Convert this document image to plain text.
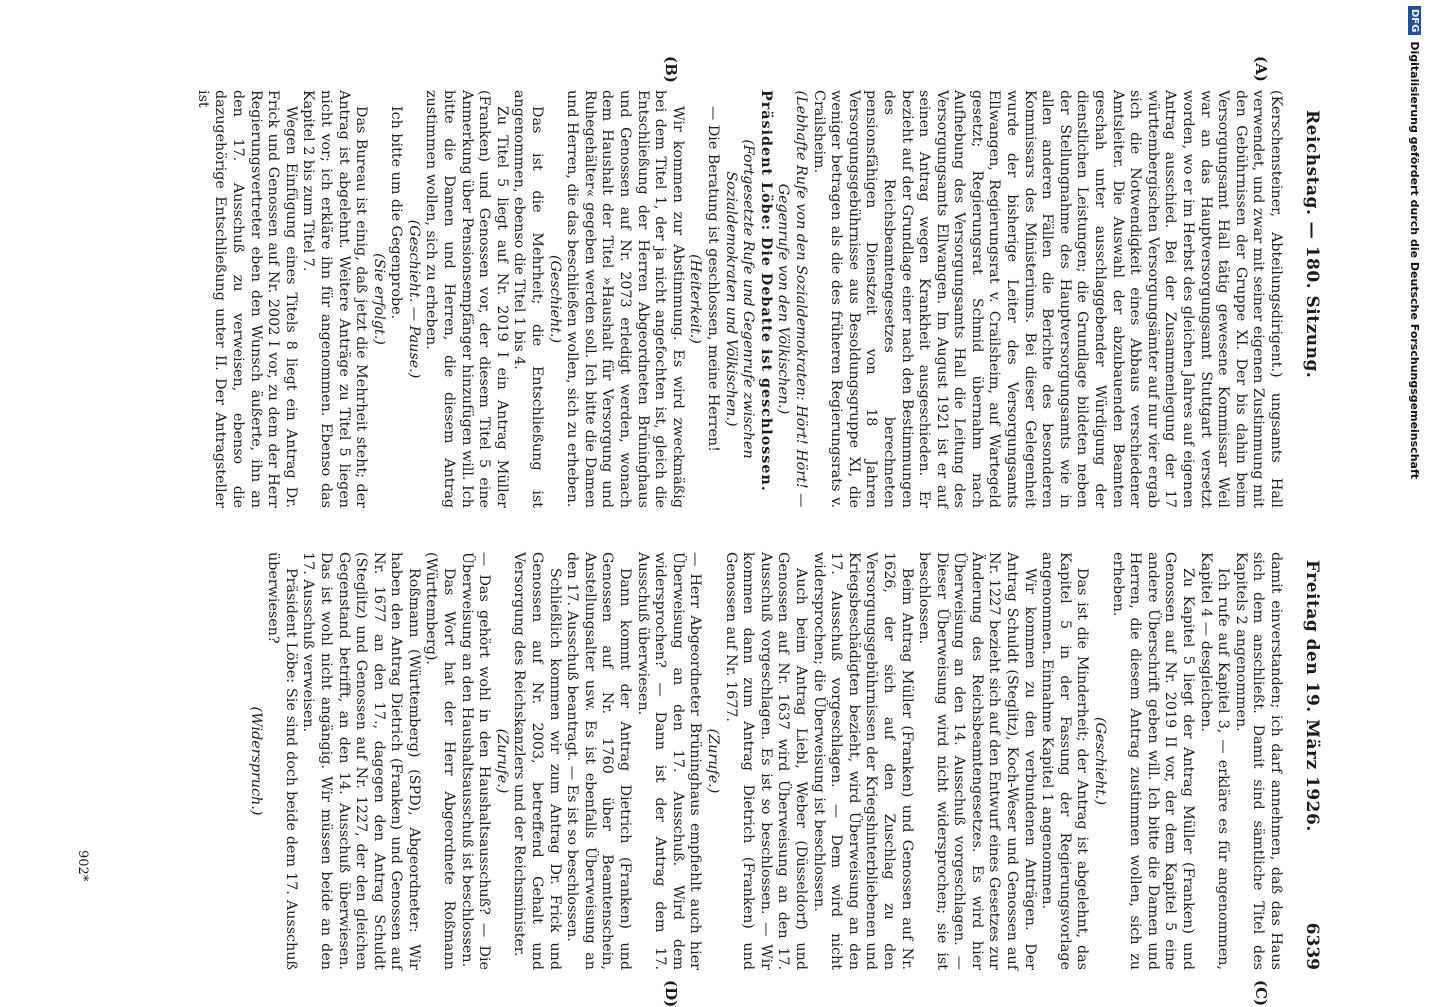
Reichstag. — 180. Sitzung.
Freitag den 19. März 1926.
6339
(A)
(B)
(C)
(D)

(Kerschensteiner, Abteilungsdirigent.) ungsamts Hall verwendet, und zwar mit seiner eigenen Zustimmung mit den Gebührnissen der Gruppe XI. Der bis dahin beim Versorgungsamt Hall tätig gewesene Kommissar Weil war an das Hauptversorgungsamt Stuttgart versetzt worden, wo er im Herbst des gleichen Jahres auf eigenen Antrag ausschied. Bei der Zusammenlegung der 17 württembergischen Versorgungsämter auf nur vier ergab sich die Notwendigkeit eines Abbaus verschiedener Amtsleiter. Die Auswahl der abzubauenden Beamten geschah unter ausschlaggebender Würdigung der dienstlichen Leistungen; die Grundlage bildeten neben der Stellungnahme des Hauptversorgungsamts wie in allen anderen Fällen die Berichte des besonderen Kommissars des Ministeriums. Bei dieser Gelegenheit wurde der bisherige Leiter des Versorgungsamts Ellwangen, Regierungsrat v. Crailsheim, auf Wartegeld gesetzt; Regierungsrat Schmid übernahm nach Aufhebung des Versorgungsamts Hall die Leitung des Versorgungsamts Ellwangen. Im August 1921 ist er auf seinen Antrag wegen Krankheit ausgeschieden. Er bezieht auf der Grundlage einer nach den Bestimmungen des Reichsbeamtengesetzes berechneten pensionsfähigen Dienstzeit von 18 Jahren Versorgungsgebührnisse aus Besoldungsgruppe XI, die weniger betragen als die des früheren Regierungsrats v. Crailsheim.

(Lebhafte Rufe von den Sozialdemokraten: Hört! Hört! — Gegenrufe von den Völkischen.)

Präsident Löbe: Die Debatte ist geschlossen.

(Fortgesetzte Rufe und Gegenrufe zwischen Sozialdemokraten und Völkischen.)

— Die Beratung ist geschlossen, meine Herren!

(Heiterkeit.)

Wir kommen zur Abstimmung. Es wird zweckmäßig bei dem Titel 1, der ja nicht angefochten ist, gleich die Entschließung der Herren Abgeordneten Brüninghaus und Genossen auf Nr. 2073 erledigt werden, wonach dem Haushalt der Titel »Haushalt für Versorgung und Ruhegehälter« gegeben werden soll. Ich bitte die Damen und Herren, die das beschließen wollen, sich zu erheben.

(Geschieht.)

Das ist die Mehrheit; die Entschließung ist angenommen, ebenso die Titel 1 bis 4.

Zu Titel 5 liegt auf Nr. 2019 I ein Antrag Müller (Franken) und Genossen vor, der diesem Titel 5 eine Anmerkung über Pensionsempfänger hinzufügen will. Ich bitte die Damen und Herren, die diesem Antrag zustimmen wollen, sich zu erheben.

(Geschieht. — Pause.)

Ich bitte um die Gegenprobe.

(Sie erfolgt.)

Das Bureau ist einig, daß jetzt die Mehrheit steht; der Antrag ist abgelehnt. Weitere Anträge zu Titel 5 liegen nicht vor; ich erkläre ihn für angenommen. Ebenso das Kapitel 2 bis zum Titel 7.

Wegen Einfügung eines Titels 8 liegt ein Antrag Dr. Frick und Genossen auf Nr. 2002 I vor, zu dem der Herr Regierungsvertreter eben den Wunsch äußerte, ihn an den 17. Ausschuß zu verweisen, ebenso die dazugehörige Entschließung unter II. Der Antragsteller ist

damit einverstanden; ich darf annehmen, daß das Haus sich dem anschließt. Damit sind sämtliche Titel des Kapitels 2 angenommen.

Ich rufe auf Kapitel 3, — erkläre es für angenommen, Kapitel 4 — desgleichen.

Zu Kapitel 5 liegt der Antrag Müller (Franken) und Genossen auf Nr. 2019 II vor, der dem Kapitel 5 eine andere Überschrift geben will. Ich bitte die Damen und Herren, die diesem Antrag zustimmen wollen, sich zu erheben.

(Geschieht.)

Das ist die Minderheit; der Antrag ist abgelehnt, das Kapitel 5 in der Fassung der Regierungsvorlage angenommen. Einnahme Kapitel 1 angenommen.

Wir kommen zu den verbundenen Anträgen. Der Antrag Schuldt (Steglitz), Koch-Weser und Genossen auf Nr. 1227 bezieht sich auf den Entwurf eines Gesetzes zur Änderung des Reichsbeamtengesetzes. Es wird hier Überweisung an den 14. Ausschuß vorgeschlagen. — Dieser Überweisung wird nicht widersprochen; sie ist beschlossen.

Beim Antrag Müller (Franken) und Genossen auf Nr. 1626, der sich auf den Zuschlag zu den Versorgungsgebührnissen der Kriegshinterbliebenen und Kriegsbeschädigten bezieht, wird Überweisung an den 17. Ausschuß vorgeschlagen. — Dem wird nicht widersprochen; die Überweisung ist beschlossen.

Auch beim Antrag Liebl, Weber (Düsseldorf) und Genossen auf Nr. 1637 wird Überweisung an den 17. Ausschuß vorgeschlagen. Es ist so beschlossen. — Wir kommen dann zum Antrag Dietrich (Franken) und Genossen auf Nr. 1677.

(Zurufe.)

— Herr Abgeordneter Brüninghaus empfiehlt auch hier Überweisung an den 17. Ausschuß. Wird dem widersprochen? — Dann ist der Antrag dem 17. Ausschuß überwiesen.

Dann kommt der Antrag Dietrich (Franken) und Genossen auf Nr. 1760 über Beamtenschein, Anstellungsalter usw. Es ist ebenfalls Überweisung an den 17. Ausschuß beantragt. — Es ist so beschlossen.

Schließlich kommen wir zum Antrag Dr. Frick und Genossen auf Nr. 2003, betreffend Gehalt und Versorgung des Reichskanzlers und der Reichsminister.

(Zurufe.)

— Das gehört wohl in den Haushaltsausschuß? — Die Überweisung an den Haushaltsausschuß ist beschlossen.

Das Wort hat der Herr Abgeordnete Roßmann (Württemberg).

Roßmann (Württemberg) (SPD), Abgeordneter: Wir haben den Antrag Dietrich (Franken) und Genossen auf Nr. 1677 an den 17., dagegen den Antrag Schuldt (Steglitz) und Genossen auf Nr. 1227, der den gleichen Gegenstand betrifft, an den 14. Ausschuß überwiesen. Das ist wohl nicht angängig. Wir müssen beide an den 17. Ausschuß verweisen.

Präsident Löbe: Sie sind doch beide dem 17. Ausschuß überwiesen?

(Widerspruch.)

902*
DFG
Digitalisierung gefördert durch die Deutsche Forschungsgemeinschaft
